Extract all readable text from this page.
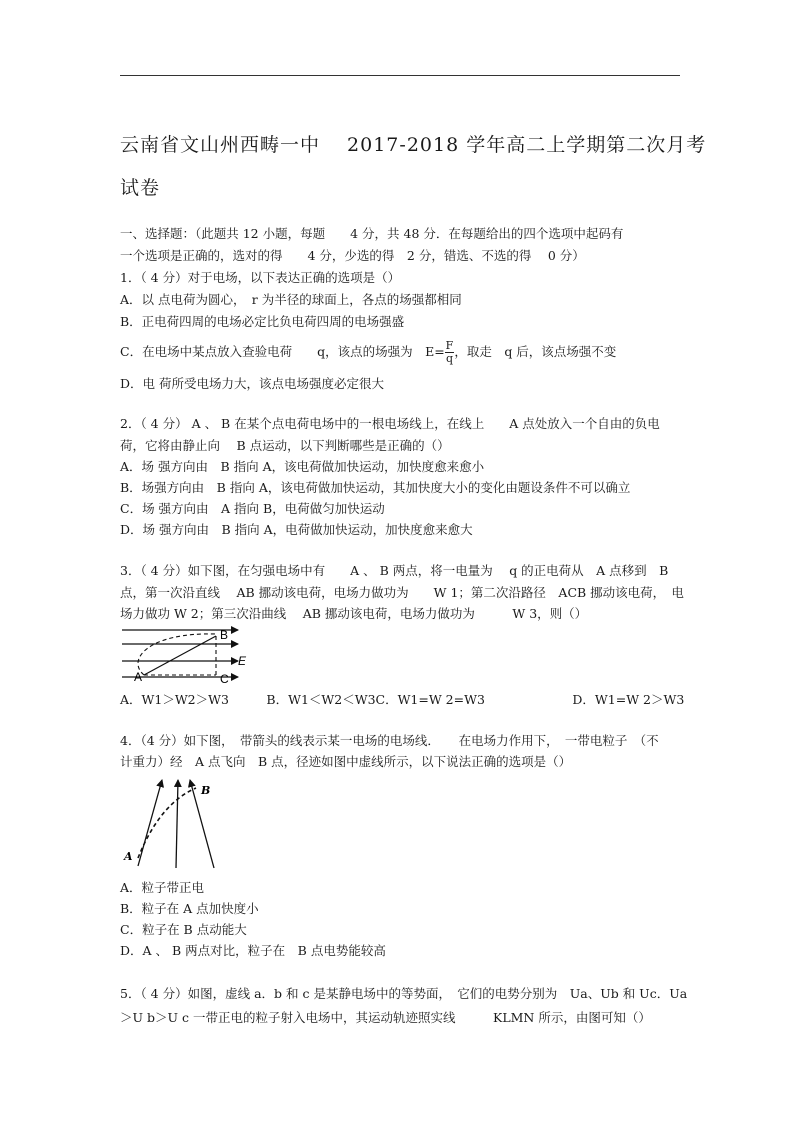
云南省文山州西畴一中　 2017-2018 学年高二上学期第二次月考
试卷
一、选择题：（此题共 12 小题，每题　　4 分，共 48 分．在每题给出的四个选项中起码有
一个选项是正确的，选对的得　　4 分，少选的得　2 分，错选、不选的得　 0 分）
1．（ 4 分）对于电场，以下表达正确的选项是（）
A．以 点电荷为圆心，　r 为半径的球面上，各点的场强都相同
B．正电荷四周的电场必定比负电荷四周的电场强盛
C．在电场中某点放入查验电荷　　q，该点的场强为　$E= \frac{F}{q}$，取走　q 后，该点场强不变
D．电 荷所受电场力大，该点电场强度必定很大
2．（ 4 分） A 、 B 在某个点电荷电场中的一根电场线上，在线上　　A 点处放入一个自由的负电
荷，它将由静止向　 B 点运动，以下判断哪些是正确的（）
A．场 强方向由　B 指向 A，该电荷做加快运动，加快度愈来愈小
B．场强方向由　B 指向 A，该电荷做加快运动，其加快度大小的变化由题设条件不可以确立
C．场 强方向由　A 指向 B，电荷做匀加快运动
D．场 强方向由　B 指向 A，电荷做加快运动，加快度愈来愈大
3．（ 4 分）如下图，在匀强电场中有　　A 、 B 两点，将一电量为　 q 的正电荷从　A 点移到　B
点，第一次沿直线　 AB 挪动该电荷，电场力做功为　　W 1；第二次沿路径　ACB 挪动该电荷，　电
场力做功 W 2；第三次沿曲线　 AB 挪动该电荷，电场力做功为　　　W 3，则（）
B
E
A	C
A．W1＞W2＞W3　　　B．W1＜W2＜W3C．W1=W 2=W3　　　　　　　D．W1=W 2＞W3
4．（4 分）如下图，　带箭头的线表示某一电场的电场线．　　在电场力作用下，　一带电粒子　（不
计重力）经　A 点飞向　B 点，径迹如图中虚线所示，以下说法正确的选项是（）
A
B
A．粒子带正电
B．粒子在 A 点加快度小
C．粒子在 B 点动能大
D．A 、 B 两点对比，粒子在　B 点电势能较高
5．（ 4 分）如图，虚线 a．b 和 c 是某静电场中的等势面，　它们的电势分别为　Ua、Ub 和 Uc．Ua
＞U b＞U c 一带正电的粒子射入电场中，其运动轨迹照实线　　　KLMN 所示，由图可知（）
